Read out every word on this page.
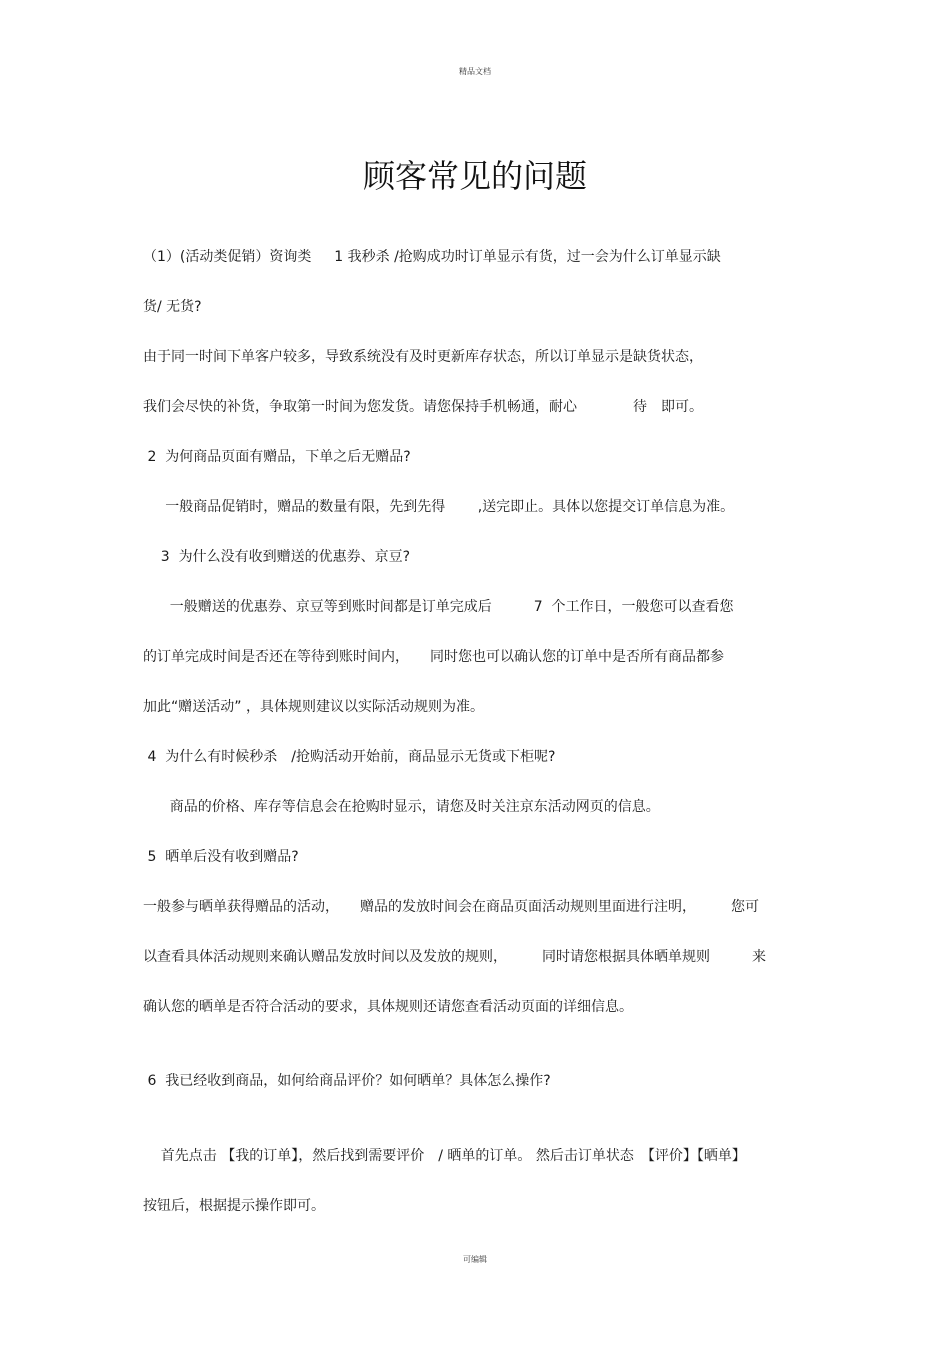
精品文档
顾客常见的问题
（1）(活动类促销）资询类　  1 我秒杀 /抢购成功时订单显示有货，过一会为什么订单显示缺
货/ 无货?
由于同一时间下单客户较多，导致系统没有及时更新库存状态，所以订单显示是缺货状态，
我们会尽快的补货，争取第一时间为您发货。请您保持手机畅通，耐心　　　　待　即可。
2  为何商品页面有赠品，下单之后无赠品?
一般商品促销时，赠品的数量有限，先到先得　　 ,送完即止。具体以您提交订单信息为准。
3  为什么没有收到赠送的优惠券、京豆?
一般赠送的优惠券、京豆等到账时间都是订单完成后　　　7  个工作日，一般您可以查看您
的订单完成时间是否还在等待到账时间内，　　同时您也可以确认您的订单中是否所有商品都参
加此“赠送活动” ，具体规则建议以实际活动规则为准。
4  为什么有时候秒杀　/抢购活动开始前，商品显示无货或下柜呢?
商品的价格、库存等信息会在抢购时显示，请您及时关注京东活动网页的信息。
5  晒单后没有收到赠品?
一般参与晒单获得赠品的活动，　　赠品的发放时间会在商品页面活动规则里面进行注明，　　　您可
以查看具体活动规则来确认赠品发放时间以及发放的规则，　　　同时请您根据具体晒单规则　　　来
确认您的晒单是否符合活动的要求，具体规则还请您查看活动页面的详细信息。
6  我已经收到商品，如何给商品评价？如何晒单？具体怎么操作?
首先点击 【我的订单】，然后找到需要评价　/ 晒单的订单。 然后击订单状态　【评价】【晒单】
按钮后，根据提示操作即可。
可编辑
